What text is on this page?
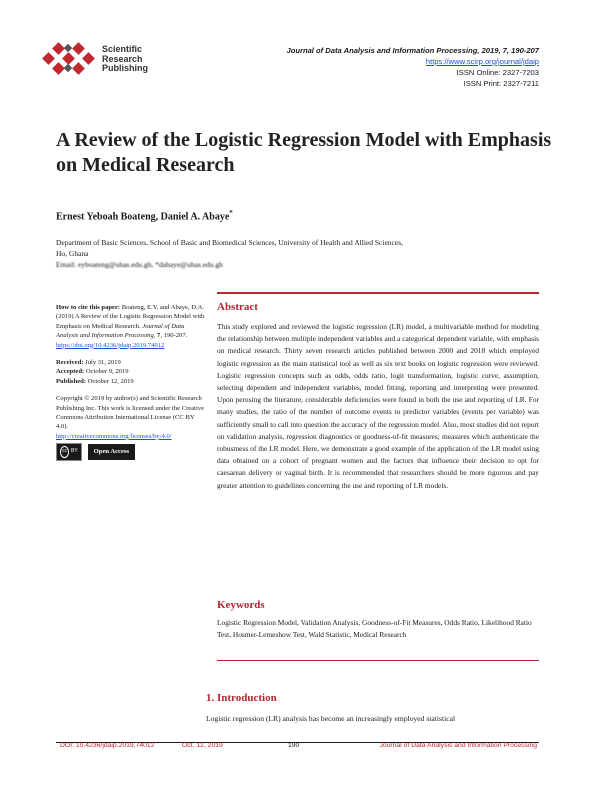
Scientific
Research
Publishing
Journal of Data Analysis and Information Processing, 2019, 7, 190-207
https://www.scirp.org/journal/jdaip
ISSN Online: 2327-7203
ISSN Print: 2327-7211
A Review of the Logistic Regression Model with Emphasis on Medical Research
Ernest Yeboah Boateng, Daniel A. Abaye*
Department of Basic Sciences, School of Basic and Biomedical Sciences, University of Health and Allied Sciences,
Ho, Ghana
Email: eyboateng@uhas.edu.gh, *dabaye@uhas.edu.gh

How to cite this paper: Boateng, E.Y. and Abaye, D.A. (2019) A Review of the Logistic Regression Model with Emphasis on Medical Research. Journal of Data Analysis and Information Processing, 7, 190-207.
https://doi.org/10.4236/jdaip.2019.74012

Received: July 31, 2019
Accepted: October 9, 2019
Published: October 12, 2019

Copyright © 2019 by author(s) and Scientific Research Publishing Inc. This work is licensed under the Creative Commons Attribution International License (CC BY 4.0).
http://creativecommons.org/licenses/by/4.0/

cc BY	Open Access
Abstract
This study explored and reviewed the logistic regression (LR) model, a multivariable method for modeling the relationship between multiple independent variables and a categorical dependent variable, with emphasis on medical research. Thirty seven research articles published between 2000 and 2018 which employed logistic regression as the main statistical tool as well as six text books on logistic regression were reviewed. Logistic regression concepts such as odds, odds ratio, logit transformation, logistic curve, assumption, selecting dependent and independent variables, model fitting, reporting and interpreting were presented. Upon perusing the literature, considerable deficiencies were found in both the use and reporting of LR. For many studies, the ratio of the number of outcome events to predictor variables (events per variable) was sufficiently small to call into question the accuracy of the regression model. Also, most studies did not report on validation analysis, regression diagnostics or goodness-of-fit measures; measures which authenticate the robustness of the LR model. Here, we demonstrate a good example of the application of the LR model using data obtained on a cohort of pregnant women and the factors that influence their decision to opt for caesarean delivery or vaginal birth. It is recommended that researchers should be more rigorous and pay greater attention to guidelines concerning the use and reporting of LR models.
Keywords
Logistic Regression Model, Validation Analysis, Goodness-of-Fit Measures, Odds Ratio, Likelihood Ratio Test, Hosmer-Lemeshow Test, Wald Statistic, Medical Research
1. Introduction
Logistic regression (LR) analysis has become an increasingly employed statistical
DOI: 10.4236/jdaip.2019.74012	Oct. 12, 2019	190	Journal of Data Analysis and Information Processing
